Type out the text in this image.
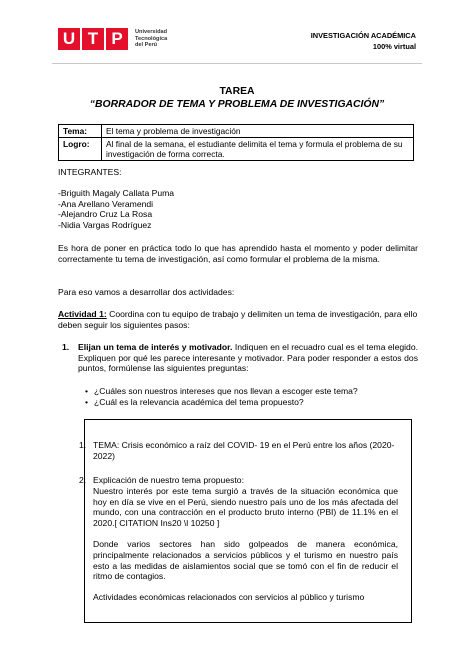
U T P	Universidad
Tecnológica
del Perú
INVESTIGACIÓN ACADÉMICA
100% virtual
TAREA
“BORRADOR DE TEMA Y PROBLEMA DE INVESTIGACIÓN”
Tema:	El tema y problema de investigación
Logro:	Al final de la semana, el estudiante delimita el tema y formula el problema de su investigación de forma correcta.
INTEGRANTES:
-Briguith Magaly Callata Puma
-Ana Arellano Veramendi
-Alejandro Cruz La Rosa
-Nidia Vargas Rodríguez
Es hora de poner en práctica todo lo que has aprendido hasta el momento y poder delimitar correctamente tu tema de investigación, así como formular el problema de la misma.
Para eso vamos a desarrollar dos actividades:
Actividad 1: Coordina con tu equipo de trabajo y delimiten un tema de investigación, para ello deben seguir los siguientes pasos:
1. Elijan un tema de interés y motivador. Indiquen en el recuadro cual es el tema elegido. Expliquen por qué les parece interesante y motivador. Para poder responder a estos dos puntos, formúlense las siguientes preguntas:
• ¿Cuáles son nuestros intereses que nos llevan a escoger este tema?
• ¿Cuál es la relevancia académica del tema propuesto?
1. TEMA: Crisis económico a raíz del COVID- 19 en el Perú entre los años (2020- 2022)
2. Explicación de nuestro tema propuesto:
Nuestro interés por este tema surgió a través de la situación económica que hoy en día se vive en el Perú, siendo nuestro país uno de los más afectada del mundo, con una contracción en el producto bruto interno (PBI) de 11.1% en el 2020.[ CITATION Ins20 \l 10250 ]
Donde varios sectores han sido golpeados de manera económica, principalmente relacionados a servicios públicos y el turismo en nuestro país esto a las medidas de aislamientos social que se tomó con el fin de reducir el ritmo de contagios.
Actividades económicas relacionados con servicios al público y turismo
